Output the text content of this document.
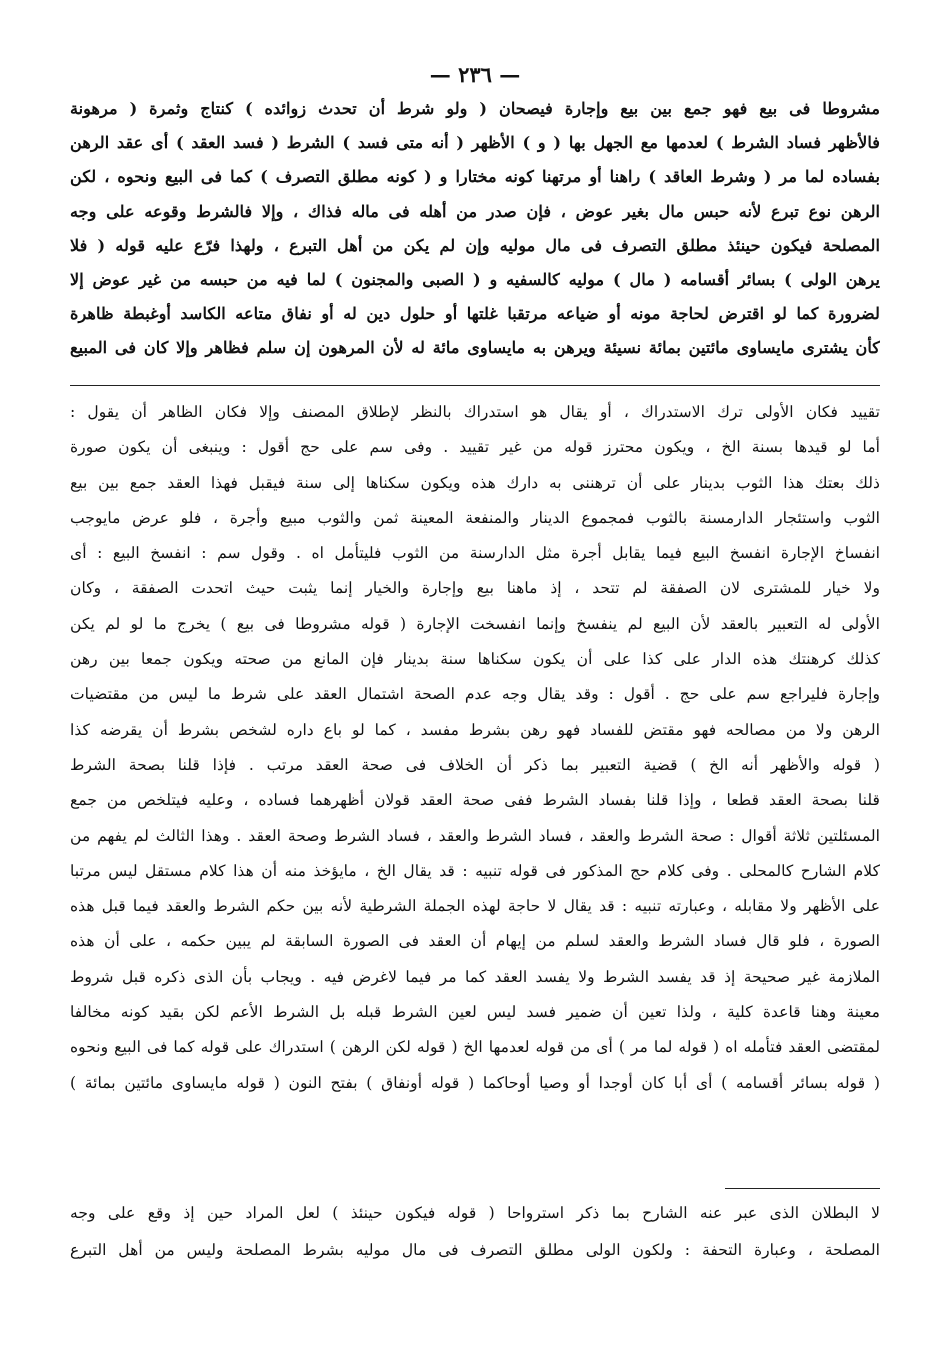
— ٢٣٦ —
مشروطا فى بيع فهو جمع بين بيع وإجارة فيصحان ( ولو شرط أن تحدث زوائده ) كنتاج وثمرة ( مرهونة
فالأظهر فساد الشرط ) لعدمها مع الجهل بها ( و ) الأظهر ( أنه متى فسد ) الشرط ( فسد العقد ) أى عقد الرهن
بفساده لما مر ( وشرط العاقد ) راهنا أو مرتهنا كونه مختارا و ( كونه مطلق التصرف ) كما فى البيع ونحوه ، لكن
الرهن نوع تبرع لأنه حبس مال بغير عوض ، فإن صدر من أهله فى ماله فذاك ، وإلا فالشرط وقوعه على وجه
المصلحة فيكون حينئذ مطلق التصرف فى مال موليه وإن لم يكن من أهل التبرع ، ولهذا فرّع عليه قوله ( فلا
يرهن الولى ) بسائر أقسامه ( مال ) موليه كالسفيه و ( الصبى والمجنون ) لما فيه من حبسه من غير عوض إلا
لضرورة كما لو اقترض لحاجة مونه أو ضياعه مرتقبا غلتها أو حلول دين له أو نفاق متاعه الكاسد أوغبطة ظاهرة
كأن يشترى مايساوى مائتين بمائة نسيئة ويرهن به مايساوى مائة له لأن المرهون إن سلم فظاهر وإلا كان فى المبيع
تقييد فكان الأولى ترك الاستدراك ، أو يقال هو استدراك بالنظر لإطلاق المصنف وإلا فكان الظاهر أن يقول :
أما لو قيدها بسنة الخ ، ويكون محترز قوله من غير تقييد . وفى سم على حج أقول : وينبغى أن يكون صورة
ذلك بعتك هذا الثوب بدينار على أن ترهننى به دارك هذه ويكون سكناها إلى سنة فيقبل فهذا العقد جمع بين بيع
الثوب واستئجار الدارمسنة بالثوب فمجموع الدينار والمنفعة المعينة ثمن والثوب مبيع وأجرة ، فلو عرض مايوجب
انفساخ الإجارة انفسخ البيع فيما يقابل أجرة مثل الدارسنة من الثوب فليتأمل اه . وقول سم : انفسخ البيع : أى
ولا خيار للمشترى لان الصفقة لم تتحد ، إذ ماهنا بيع وإجارة والخيار إنما يثبت حيث اتحدت الصفقة ، وكان
الأولى له التعبير بالعقد لأن البيع لم ينفسخ وإنما انفسخت الإجارة ( قوله مشروطا فى بيع ) يخرج ما لو لم يكن
كذلك كرهنتك هذه الدار على كذا على أن يكون سكناها سنة بدينار فإن المانع من صحته ويكون جمعا بين رهن
وإجارة فليراجع سم على حج . أقول : وقد يقال وجه عدم الصحة اشتمال العقد على شرط ما ليس من مقتضيات
الرهن ولا من مصالحه فهو مقتض للفساد فهو رهن بشرط مفسد ، كما لو باع داره لشخص بشرط أن يقرضه كذا
( قوله والأظهر أنه الخ ) قضية التعبير بما ذكر أن الخلاف فى صحة العقد مرتب . فإذا قلنا بصحة الشرط
قلنا بصحة العقد قطعا ، وإذا قلنا بفساد الشرط ففى صحة العقد قولان أظهرهما فساده ، وعليه فيتلخص من جمع
المسئلتين ثلاثة أقوال : صحة الشرط والعقد ، فساد الشرط والعقد ، فساد الشرط وصحة العقد . وهذا الثالث لم يفهم من
كلام الشارح كالمحلى . وفى كلام حج المذكور فى قوله تنبيه : قد يقال الخ ، مايؤخذ منه أن هذا كلام مستقل ليس مرتبا
على الأظهر ولا مقابله ، وعبارته تنبيه : قد يقال لا حاجة لهذه الجملة الشرطية لأنه بين حكم الشرط والعقد فيما قبل هذه
الصورة ، فلو قال فساد الشرط والعقد لسلم من إيهام أن العقد فى الصورة السابقة لم يبين حكمه ، على أن هذه
الملازمة غير صحيحة إذ قد يفسد الشرط ولا يفسد العقد كما مر فيما لاغرض فيه . ويجاب بأن الذى ذكره قبل شروط
معينة وهنا قاعدة كلية ، ولذا تعين أن ضمير فسد ليس لعين الشرط قبله بل الشرط الأعم لكن بقيد كونه مخالفا
لمقتضى العقد فتأمله اه ( قوله لما مر ) أى من قوله لعدمها الخ ( قوله لكن الرهن ) استدراك على قوله كما فى البيع ونحوه
( قوله بسائر أقسامه ) أى أبا كان أوجدا أو وصيا أوحاكما ( قوله أونفاق ) بفتح النون ( قوله مايساوى مائتين بمائة )
لا البطلان الذى عبر عنه الشارح بما ذكر استرواحا ( قوله فيكون حينئذ ) لعل المراد حين إذ وقع على وجه
المصلحة ، وعبارة التحفة : ولكون الولى مطلق التصرف فى مال موليه بشرط المصلحة وليس من أهل التبرع
